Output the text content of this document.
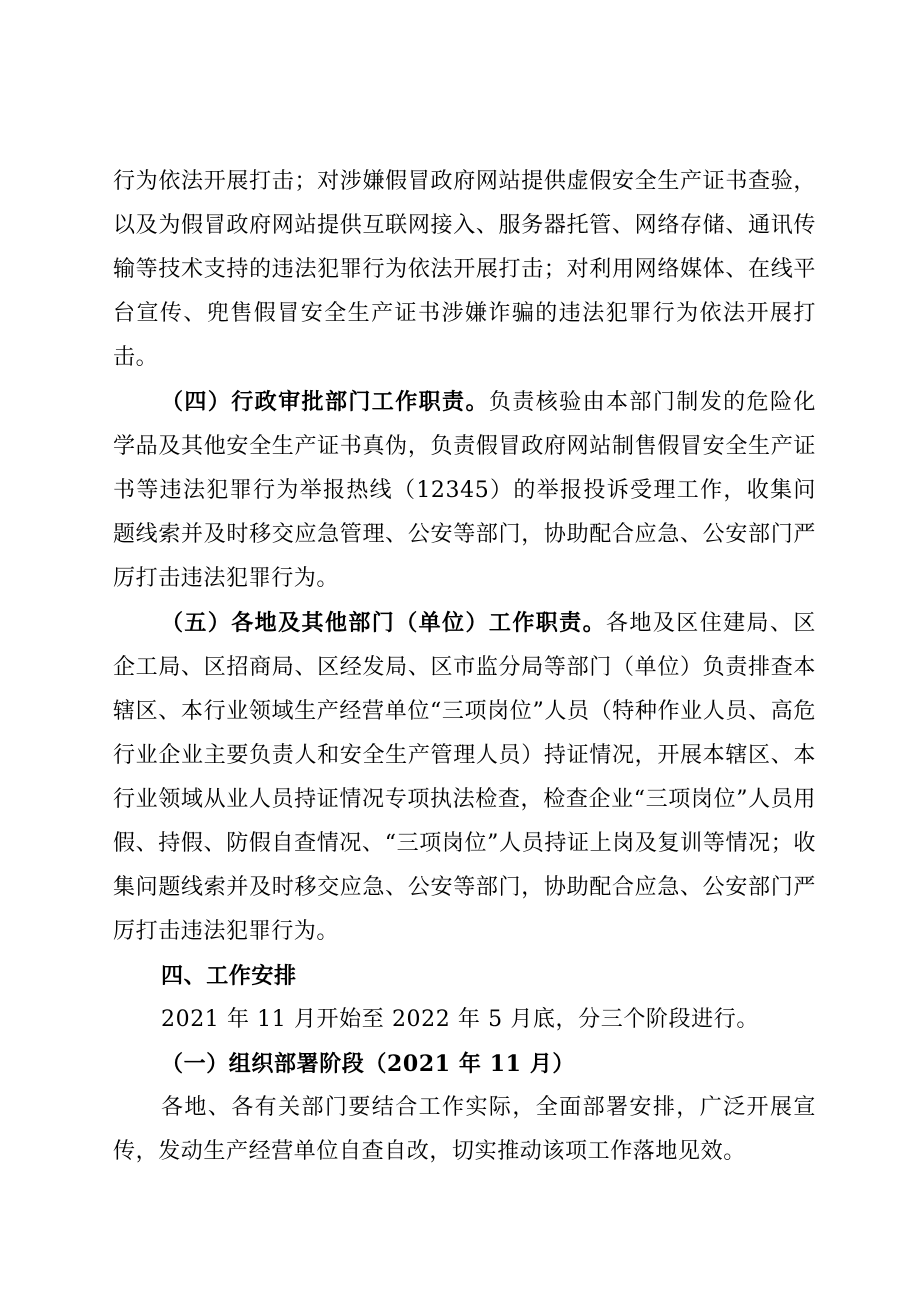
行为依法开展打击；对涉嫌假冒政府网站提供虚假安全生产证书查验，以及为假冒政府网站提供互联网接入、服务器托管、网络存储、通讯传输等技术支持的违法犯罪行为依法开展打击；对利用网络媒体、在线平台宣传、兜售假冒安全生产证书涉嫌诈骗的违法犯罪行为依法开展打击。

（四）行政审批部门工作职责。负责核验由本部门制发的危险化学品及其他安全生产证书真伪，负责假冒政府网站制售假冒安全生产证书等违法犯罪行为举报热线（12345）的举报投诉受理工作，收集问题线索并及时移交应急管理、公安等部门，协助配合应急、公安部门严厉打击违法犯罪行为。

（五）各地及其他部门（单位）工作职责。各地及区住建局、区企工局、区招商局、区经发局、区市监分局等部门（单位）负责排查本辖区、本行业领域生产经营单位“三项岗位”人员（特种作业人员、高危行业企业主要负责人和安全生产管理人员）持证情况，开展本辖区、本行业领域从业人员持证情况专项执法检查，检查企业“三项岗位”人员用假、持假、防假自查情况、“三项岗位”人员持证上岗及复训等情况；收集问题线索并及时移交应急、公安等部门，协助配合应急、公安部门严厉打击违法犯罪行为。

四、工作安排

2021 年 11 月开始至 2022 年 5 月底，分三个阶段进行。

（一）组织部署阶段（2021 年 11 月）

各地、各有关部门要结合工作实际，全面部署安排，广泛开展宣传，发动生产经营单位自查自改，切实推动该项工作落地见效。
